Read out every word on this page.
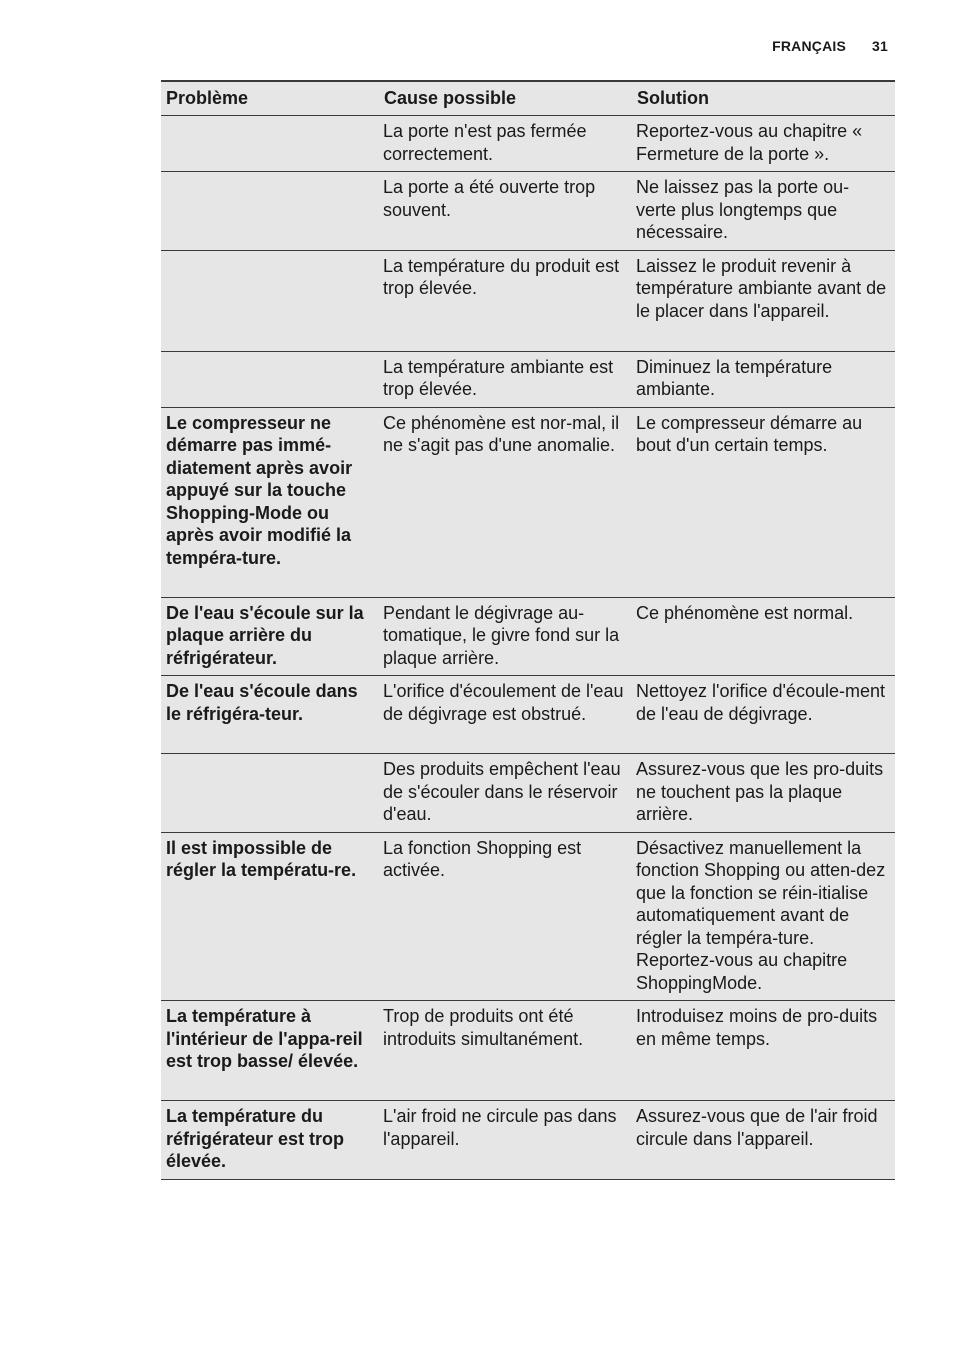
FRANÇAIS 31
Problème	Cause possible	Solution
	La porte n'est pas fermée correctement.	Reportez-vous au chapitre « Fermeture de la porte ».
	La porte a été ouverte trop souvent.	Ne laissez pas la porte ou-verte plus longtemps que nécessaire.
	La température du produit est trop élevée.	Laissez le produit revenir à température ambiante avant de le placer dans l'appareil.
	La température ambiante est trop élevée.	Diminuez la température ambiante.
Le compresseur ne démarre pas immé-diatement après avoir appuyé sur la touche Shopping-Mode ou après avoir modifié la tempéra-ture.	Ce phénomène est nor-mal, il ne s'agit pas d'une anomalie.	Le compresseur démarre au bout d'un certain temps.
De l'eau s'écoule sur la plaque arrière du réfrigérateur.	Pendant le dégivrage au-tomatique, le givre fond sur la plaque arrière.	Ce phénomène est normal.
De l'eau s'écoule dans le réfrigéra-teur.	L'orifice d'écoulement de l'eau de dégivrage est obstrué.	Nettoyez l'orifice d'écoule-ment de l'eau de dégivrage.
	Des produits empêchent l'eau de s'écouler dans le réservoir d'eau.	Assurez-vous que les pro-duits ne touchent pas la plaque arrière.
Il est impossible de régler la températu-re.	La fonction Shopping est activée.	Désactivez manuellement la fonction Shopping ou atten-dez que la fonction se réin-itialise automatiquement avant de régler la tempéra-ture. Reportez-vous au chapitre ShoppingMode.
La température à l'intérieur de l'appa-reil est trop basse/ élevée.	Trop de produits ont été introduits simultanément.	Introduisez moins de pro-duits en même temps.
La température du réfrigérateur est trop élevée.	L'air froid ne circule pas dans l'appareil.	Assurez-vous que de l'air froid circule dans l'appareil.
